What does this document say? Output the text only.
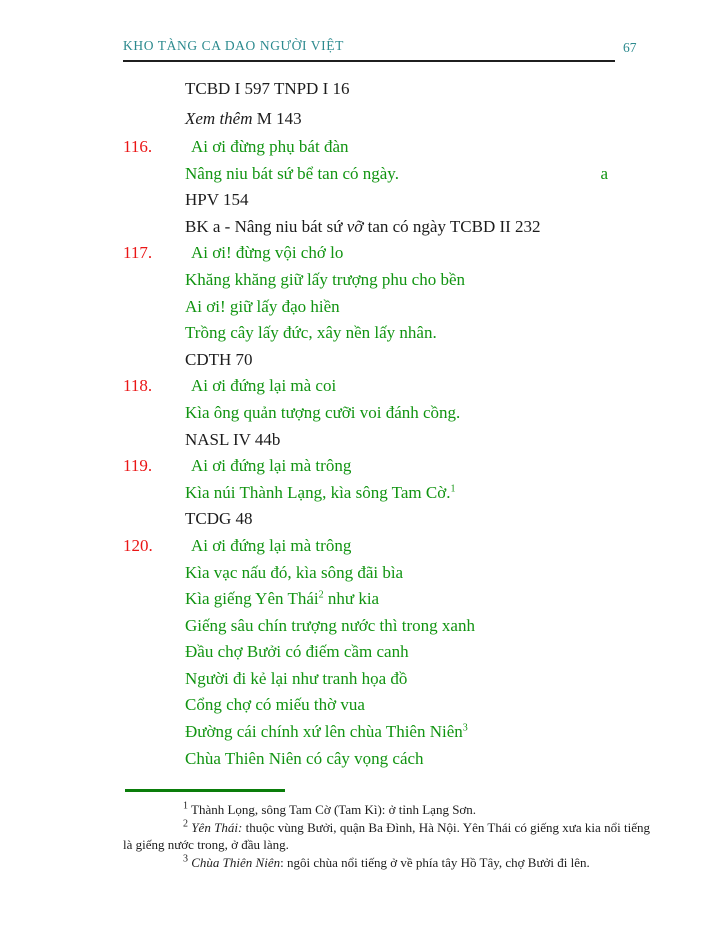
KHO TÀNG CA DAO NGƯỜI VIỆT	67
TCBD I 597 TNPD I 16
Xem thêm M 143
116.	Ai ơi đừng phụ bát đàn
Nâng niu bát sứ bể tan có ngày.	a
HPV 154
BK a - Nâng niu bát sứ vỡ tan có ngày TCBD II 232
117.	Ai ơi! đừng vội chớ lo
Khăng khăng giữ lấy trượng phu cho bền
Ai ơi! giữ lấy đạo hiền
Trồng cây lấy đức, xây nền lấy nhân.
CDTH 70
118.	Ai ơi đứng lại mà coi
Kìa ông quản tượng cưỡi voi đánh cồng.
NASL IV 44b
119.	Ai ơi đứng lại mà trông
Kìa núi Thành Lạng, kìa sông Tam Cờ.$^1$
TCDG 48
120.	Ai ơi đứng lại mà trông
Kìa vạc nấu đó, kìa sông đãi bìa
Kìa giếng Yên Thái$^2$ như kia
Giếng sâu chín trượng nước thì trong xanh
Đầu chợ Bưởi có điếm cầm canh
Người đi kẻ lại như tranh họa đồ
Cổng chợ có miếu thờ vua
Đường cái chính xứ lên chùa Thiên Niên$^3$
Chùa Thiên Niên có cây vọng cách
$^1$ Thành Lọng, sông Tam Cờ (Tam Kì): ở tỉnh Lạng Sơn.
$^2$ Yên Thái: thuộc vùng Bưởi, quận Ba Đình, Hà Nội. Yên Thái có giếng xưa kia nổi tiếng là giếng nước trong, ở đầu làng.
$^3$ Chùa Thiên Niên: ngôi chùa nổi tiếng ở về phía tây Hồ Tây, chợ Bưởi đi lên.
